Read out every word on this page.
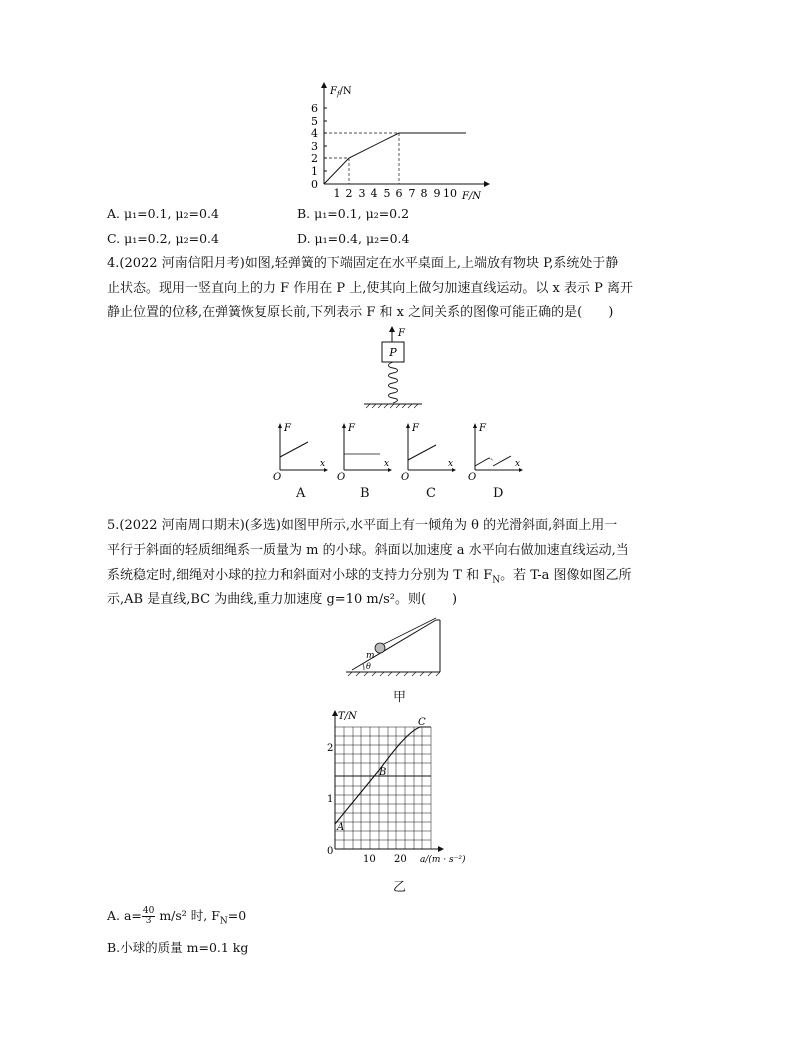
1
2
3
4
5
6
0
1 2 3 4 5 6 7 8 9 10
$F_f/N$
F/N
A. μ₁=0.1, μ₂=0.4	B. μ₁=0.1, μ₂=0.2
C. μ₁=0.2, μ₂=0.4	D. μ₁=0.4, μ₂=0.4
4.(2022 河南信阳月考)如图,轻弹簧的下端固定在水平桌面上,上端放有物块 P,系统处于静
止状态。现用一竖直向上的力 F 作用在 P 上,使其向上做匀加速直线运动。以 x 表示 P 离开
静止位置的位移,在弹簧恢复原长前,下列表示 F 和 x 之间关系的图像可能正确的是(　　)
F
P
F
x
O
F
x
O
F
x
O
F
x
O
A	B	C	D
5.(2022 河南周口期末)(多选)如图甲所示,水平面上有一倾角为 θ 的光滑斜面,斜面上用一
平行于斜面的轻质细绳系一质量为 m 的小球。斜面以加速度 a 水平向右做加速直线运动,当
系统稳定时,细绳对小球的拉力和斜面对小球的支持力分别为 T 和 $F_N$。若 T-a 图像如图乙所
示,AB 是直线,BC 为曲线,重力加速度 g=10 m/s²。则(　　)
m
θ
甲
T/N
2
1
0
10 20 a/(m · s⁻²)
A
B
C
乙
A. $a= \frac{40}{3} m/s^2$ 时, $F_N=0$
B.小球的质量 m=0.1 kg
